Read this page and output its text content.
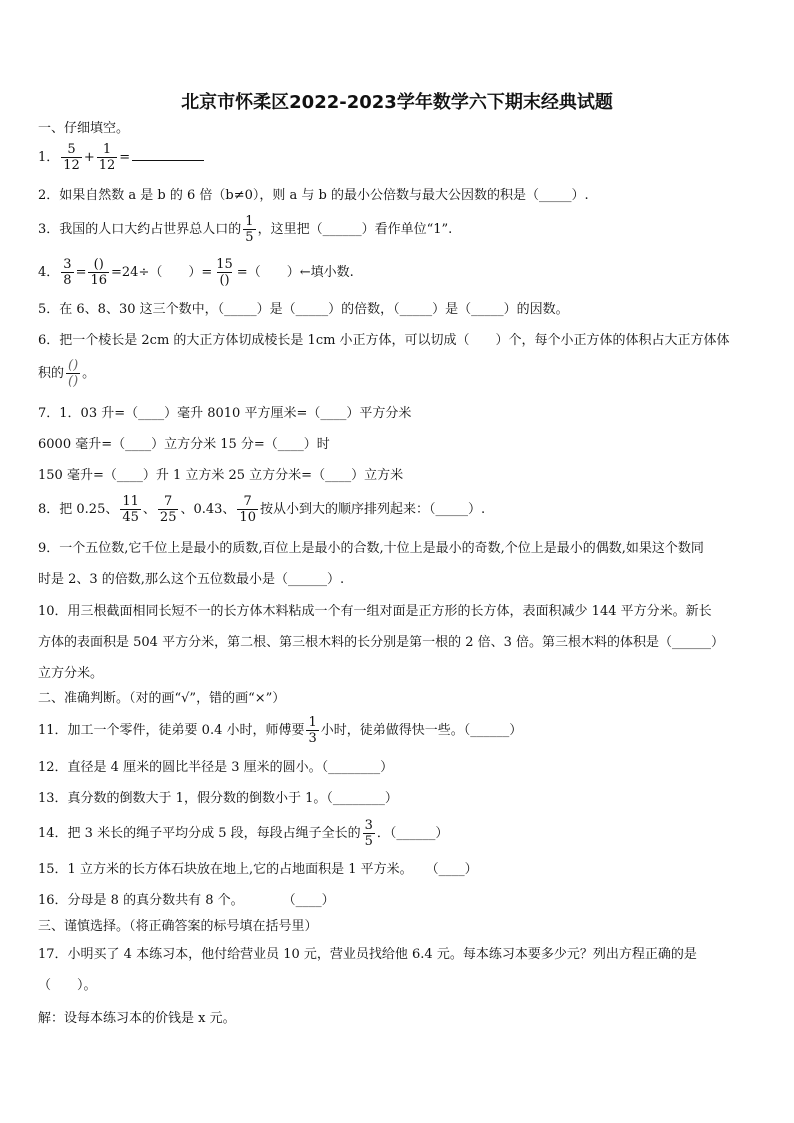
北京市怀柔区2022-2023学年数学六下期末经典试题
一、仔细填空。
1． $\frac{5}{12} + \frac{1}{12}$ =
2．如果自然数 a 是 b 的 6 倍（b≠0），则 a 与 b 的最小公倍数与最大公因数的积是（_____）.
3．我国的人口大约占世界总人口的 $\frac{1}{5}$ ，这里把（______）看作单位“1”.
4． $\frac{3}{8} = \frac{()}{16} =24\div$（　　）= $\frac{15}{()}$ =（　　）←填小数.
5．在 6、8、30 这三个数中，（_____）是（_____）的倍数，（_____）是（_____）的因数。
6．把一个棱长是 2cm 的大正方体切成棱长是 1cm 小正方体，可以切成（　　）个，每个小正方体的体积占大正方体体
积的 $\frac{()}{()}$ 。
7．1．03 升=（____）毫升 8010 平方厘米=（____）平方分米
6000 毫升=（____）立方分米 15 分=（____）时
150 毫升=（____）升 1 立方米 25 立方分米=（____）立方米
8．把 0.25、 $\frac{11}{45}$ 、 $\frac{7}{25}$ 、0.43、 $\frac{7}{10}$ 按从小到大的顺序排列起来：（_____）.
9．一个五位数,它千位上是最小的质数,百位上是最小的合数,十位上是最小的奇数,个位上是最小的偶数,如果这个数同
时是 2、3 的倍数,那么这个五位数最小是（______）.
10．用三根截面相同长短不一的长方体木料粘成一个有一组对面是正方形的长方体，表面积减少 144 平方分米。新长
方体的表面积是 504 平方分米，第二根、第三根木料的长分别是第一根的 2 倍、3 倍。第三根木料的体积是（______）
立方分米。
二、准确判断。（对的画“√”，错的画“×”）
11．加工一个零件，徒弟要 0.4 小时，师傅要 $\frac{1}{3}$ 小时，徒弟做得快一些。（______）
12．直径是 4 厘米的圆比半径是 3 厘米的圆小。（________）
13．真分数的倒数大于 1，假分数的倒数小于 1。（________）
14．把 3 米长的绳子平均分成 5 段，每段占绳子全长的 $\frac{3}{5}$ ．（______）
15．1 立方米的长方体石块放在地上,它的占地面积是 1 平方米。　　（____）
16．分母是 8 的真分数共有 8 个。　　　　（____）
三、谨慎选择。（将正确答案的标号填在括号里）
17．小明买了 4 本练习本，他付给营业员 10 元，营业员找给他 6.4 元。每本练习本要多少元？列出方程正确的是
（　　）。
解：设每本练习本的价钱是 x 元。
